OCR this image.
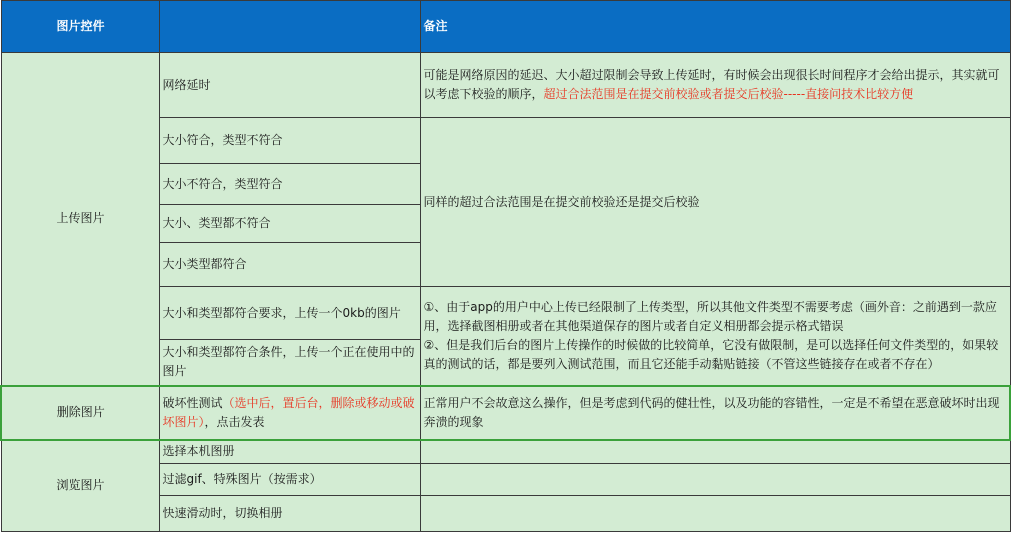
图片控件		备注
上传图片	网络延时	可能是网络原因的延迟、大小超过限制会导致上传延时，有时候会出现很长时间程序才会给出提示，其实就可以考虑下校验的顺序，超过合法范围是在提交前校验或者提交后校验-----直接问技术比较方便
	大小符合，类型不符合	同样的超过合法范围是在提交前校验还是提交后校验
	大小不符合，类型符合	
	大小、类型都不符合	
	大小类型都符合	
	大小和类型都符合要求，上传一个0kb的图片	①、由于app的用户中心上传已经限制了上传类型，所以其他文件类型不需要考虑（画外音：之前遇到一款应用，选择截图相册或者在其他渠道保存的图片或者自定义相册都会提示格式错误
②、但是我们后台的图片上传操作的时候做的比较简单，它没有做限制，是可以选择任何文件类型的，如果较真的测试的话，都是要列入测试范围，而且它还能手动黏贴链接（不管这些链接存在或者不存在）

	大小和类型都符合条件，上传一个正在使用中的图片	
删除图片	破坏性测试（选中后，置后台，删除或移动或破坏图片），点击发表	正常用户不会故意这么操作，但是考虑到代码的健壮性，以及功能的容错性，一定是不希望在恶意破坏时出现奔溃的现象
浏览图片	选择本机图册	
	过滤gif、特殊图片（按需求）	
	快速滑动时，切换相册	
